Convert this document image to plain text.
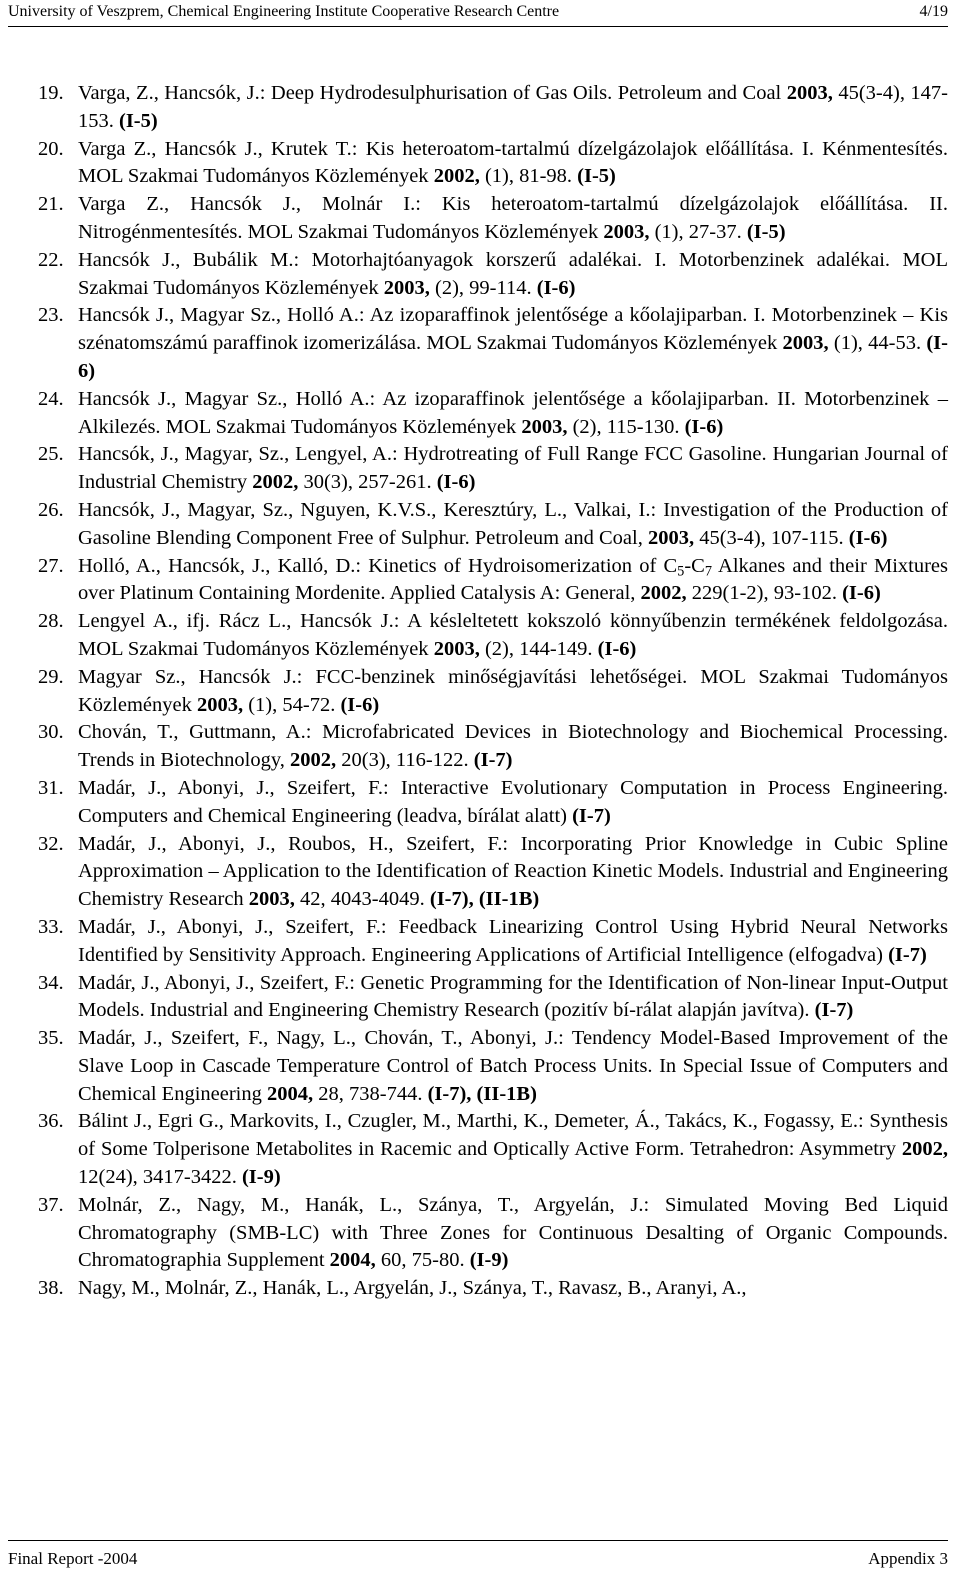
University of Veszprem, Chemical Engineering Institute Cooperative Research Centre	4/19
19. Varga, Z., Hancsók, J.: Deep Hydrodesulphurisation of Gas Oils. Petroleum and Coal 2003, 45(3-4), 147-153. (I-5)
20. Varga Z., Hancsók J., Krutek T.: Kis heteroatom-tartalmú dízelgázolajok előállítása. I. Kénmentesítés. MOL Szakmai Tudományos Közlemények 2002, (1), 81-98. (I-5)
21. Varga Z., Hancsók J., Molnár I.: Kis heteroatom-tartalmú dízelgázolajok előállítása. II. Nitrogénmentesítés. MOL Szakmai Tudományos Közlemények 2003, (1), 27-37. (I-5)
22. Hancsók J., Bubálik M.: Motorhajtóanyagok korszerű adalékai. I. Motorbenzinek adalékai. MOL Szakmai Tudományos Közlemények 2003, (2), 99-114. (I-6)
23. Hancsók J., Magyar Sz., Holló A.: Az izoparaffinok jelentősége a kőolajiparban. I. Motorbenzinek – Kis szénatomszámú paraffinok izomerizálása. MOL Szakmai Tudományos Közlemények 2003, (1), 44-53. (I-6)
24. Hancsók J., Magyar Sz., Holló A.: Az izoparaffinok jelentősége a kőolajiparban. II. Motorbenzinek – Alkilezés. MOL Szakmai Tudományos Közlemények 2003, (2), 115-130. (I-6)
25. Hancsók, J., Magyar, Sz., Lengyel, A.: Hydrotreating of Full Range FCC Gasoline. Hungarian Journal of Industrial Chemistry 2002, 30(3), 257-261. (I-6)
26. Hancsók, J., Magyar, Sz., Nguyen, K.V.S., Keresztúry, L., Valkai, I.: Investigation of the Production of Gasoline Blending Component Free of Sulphur. Petroleum and Coal, 2003, 45(3-4), 107-115. (I-6)
27. Holló, A., Hancsók, J., Kalló, D.: Kinetics of Hydroisomerization of $C_5-C_7$ Alkanes and their Mixtures over Platinum Containing Mordenite. Applied Catalysis A: General, 2002, 229(1-2), 93-102. (I-6)
28. Lengyel A., ifj. Rácz L., Hancsók J.: A késleltetett kokszoló könnyűbenzin termékének feldolgozása. MOL Szakmai Tudományos Közlemények 2003, (2), 144-149. (I-6)
29. Magyar Sz., Hancsók J.: FCC-benzinek minőségjavítási lehetőségei. MOL Szakmai Tudományos Közlemények 2003, (1), 54-72. (I-6)
30. Chován, T., Guttmann, A.: Microfabricated Devices in Biotechnology and Biochemical Processing. Trends in Biotechnology, 2002, 20(3), 116-122. (I-7)
31. Madár, J., Abonyi, J., Szeifert, F.: Interactive Evolutionary Computation in Process Engineering. Computers and Chemical Engineering (leadva, bírálat alatt) (I-7)
32. Madár, J., Abonyi, J., Roubos, H., Szeifert, F.: Incorporating Prior Knowledge in Cubic Spline Approximation – Application to the Identification of Reaction Kinetic Models. Industrial and Engineering Chemistry Research 2003, 42, 4043-4049. (I-7), (II-1B)
33. Madár, J., Abonyi, J., Szeifert, F.: Feedback Linearizing Control Using Hybrid Neural Networks Identified by Sensitivity Approach. Engineering Applications of Artificial Intelligence (elfogadva) (I-7)
34. Madár, J., Abonyi, J., Szeifert, F.: Genetic Programming for the Identification of Non-linear Input-Output Models. Industrial and Engineering Chemistry Research (pozitív bí-rálat alapján javítva). (I-7)
35. Madár, J., Szeifert, F., Nagy, L., Chován, T., Abonyi, J.: Tendency Model-Based Improvement of the Slave Loop in Cascade Temperature Control of Batch Process Units. In Special Issue of Computers and Chemical Engineering 2004, 28, 738-744. (I-7), (II-1B)
36. Bálint J., Egri G., Markovits, I., Czugler, M., Marthi, K., Demeter, Á., Takács, K., Fogassy, E.: Synthesis of Some Tolperisone Metabolites in Racemic and Optically Active Form. Tetrahedron: Asymmetry 2002, 12(24), 3417-3422. (I-9)
37. Molnár, Z., Nagy, M., Hanák, L., Szánya, T., Argyelán, J.: Simulated Moving Bed Liquid Chromatography (SMB-LC) with Three Zones for Continuous Desalting of Organic Compounds. Chromatographia Supplement 2004, 60, 75-80. (I-9)
38. Nagy, M., Molnár, Z., Hanák, L., Argyelán, J., Szánya, T., Ravasz, B., Aranyi, A.,
Final Report -2004	Appendix 3
